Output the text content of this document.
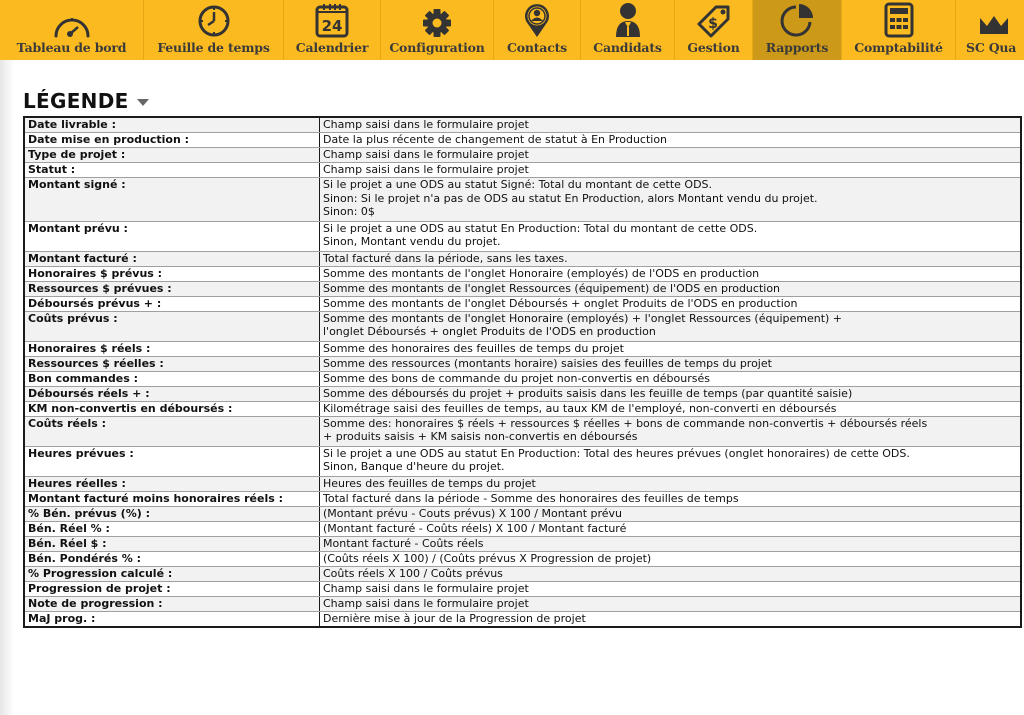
Tableau de bord Feuille de temps
24
Calendrier Configuration Contacts Candidats
$
Gestion Rapports Comptabilité SC Qua
LÉGENDE
Date livrable :	Champ saisi dans le formulaire projet
Date mise en production :	Date la plus récente de changement de statut à En Production
Type de projet :	Champ saisi dans le formulaire projet
Statut :	Champ saisi dans le formulaire projet
Montant signé :	Si le projet a une ODS au statut Signé: Total du montant de cette ODS.
Sinon: Si le projet n'a pas de ODS au statut En Production, alors Montant vendu du projet.
Sinon: 0$
Montant prévu :	Si le projet a une ODS au statut En Production: Total du montant de cette ODS.
Sinon, Montant vendu du projet.
Montant facturé :	Total facturé dans la période, sans les taxes.
Honoraires $ prévus :	Somme des montants de l'onglet Honoraire (employés) de l'ODS en production
Ressources $ prévues :	Somme des montants de l'onglet Ressources (équipement) de l'ODS en production
Déboursés prévus + :	Somme des montants de l'onglet Déboursés + onglet Produits de l'ODS en production
Coûts prévus :	Somme des montants de l'onglet Honoraire (employés) + l'onglet Ressources (équipement) +
l'onglet Déboursés + onglet Produits de l'ODS en production
Honoraires $ réels :	Somme des honoraires des feuilles de temps du projet
Ressources $ réelles :	Somme des ressources (montants horaire) saisies des feuilles de temps du projet
Bon commandes :	Somme des bons de commande du projet non-convertis en déboursés
Déboursés réels + :	Somme des déboursés du projet + produits saisis dans les feuille de temps (par quantité saisie)
KM non-convertis en déboursés :	Kilométrage saisi des feuilles de temps, au taux KM de l'employé, non-converti en déboursés
Coûts réels :	Somme des: honoraires $ réels + ressources $ réelles + bons de commande non-convertis + déboursés réels
+ produits saisis + KM saisis non-convertis en déboursés
Heures prévues :	Si le projet a une ODS au statut En Production: Total des heures prévues (onglet honoraires) de cette ODS.
Sinon, Banque d'heure du projet.
Heures réelles :	Heures des feuilles de temps du projet
Montant facturé moins honoraires réels :	Total facturé dans la période - Somme des honoraires des feuilles de temps
% Bén. prévus (%) :	(Montant prévu - Couts prévus) X 100 / Montant prévu
Bén. Réel % :	(Montant facturé - Coûts réels) X 100 / Montant facturé
Bén. Réel $ :	Montant facturé - Coûts réels
Bén. Pondérés % :	(Coûts réels X 100) / (Coûts prévus X Progression de projet)
% Progression calculé :	Coûts réels X 100 / Coûts prévus
Progression de projet :	Champ saisi dans le formulaire projet
Note de progression :	Champ saisi dans le formulaire projet
MaJ prog. :	Dernière mise à jour de la Progression de projet
